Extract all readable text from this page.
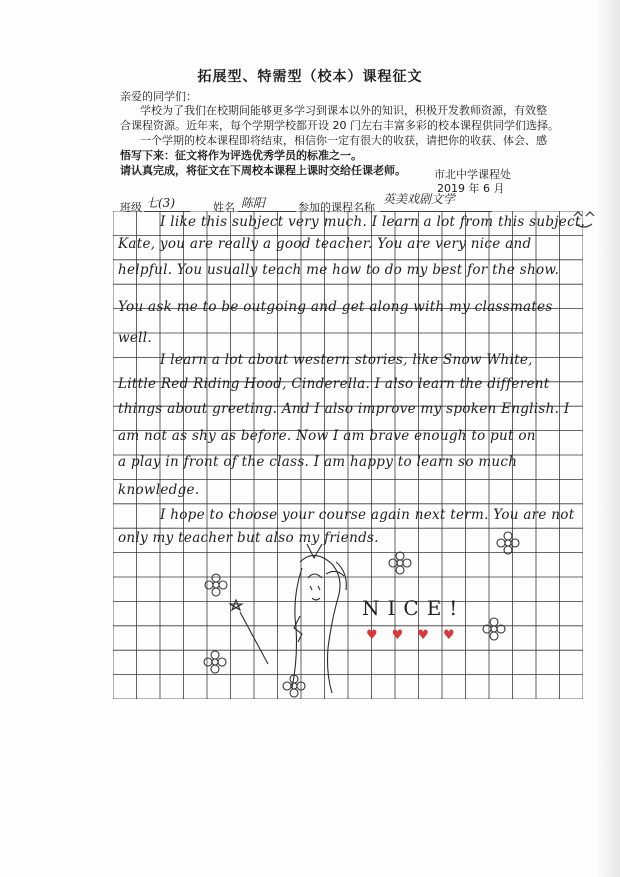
拓展型、特需型（校本）课程征文
亲爱的同学们：
学校为了我们在校期间能够更多学习到课本以外的知识，积极开发教师资源，有效整
合课程资源。近年来，每个学期学校都开设 20 门左右丰富多彩的校本课程供同学们选择。
一个学期的校本课程即将结束，相信你一定有很大的收获，请把你的收获、体会、感
悟写下来：征文将作为评选优秀学员的标准之一。
请认真完成，将征文在下周校本课程上课时交给任课老师。	市北中学课程处
2019 年 6 月
班级 七(3)	姓名 陈阳	参加的课程名称
英美戏剧文学
I like this subject very much. I learn a lot from this subject.
Kate, you are really a good teacher. You are very nice and
helpful. You usually teach me how to do my best for the show.
You ask me to be outgoing and get along with my classmates
well.
I learn a lot about western stories, like Snow White,
Little Red Riding Hood, Cinderella. I also learn the different
things about greeting. And I also improve my spoken English. I
am not as shy as before. Now I am brave enough to put on
a play in front of the class. I am happy to learn so much
knowledge.
I hope to choose your course again next term. You are not
only my teacher but also my friends.
NICE!
♥♥♥♥
